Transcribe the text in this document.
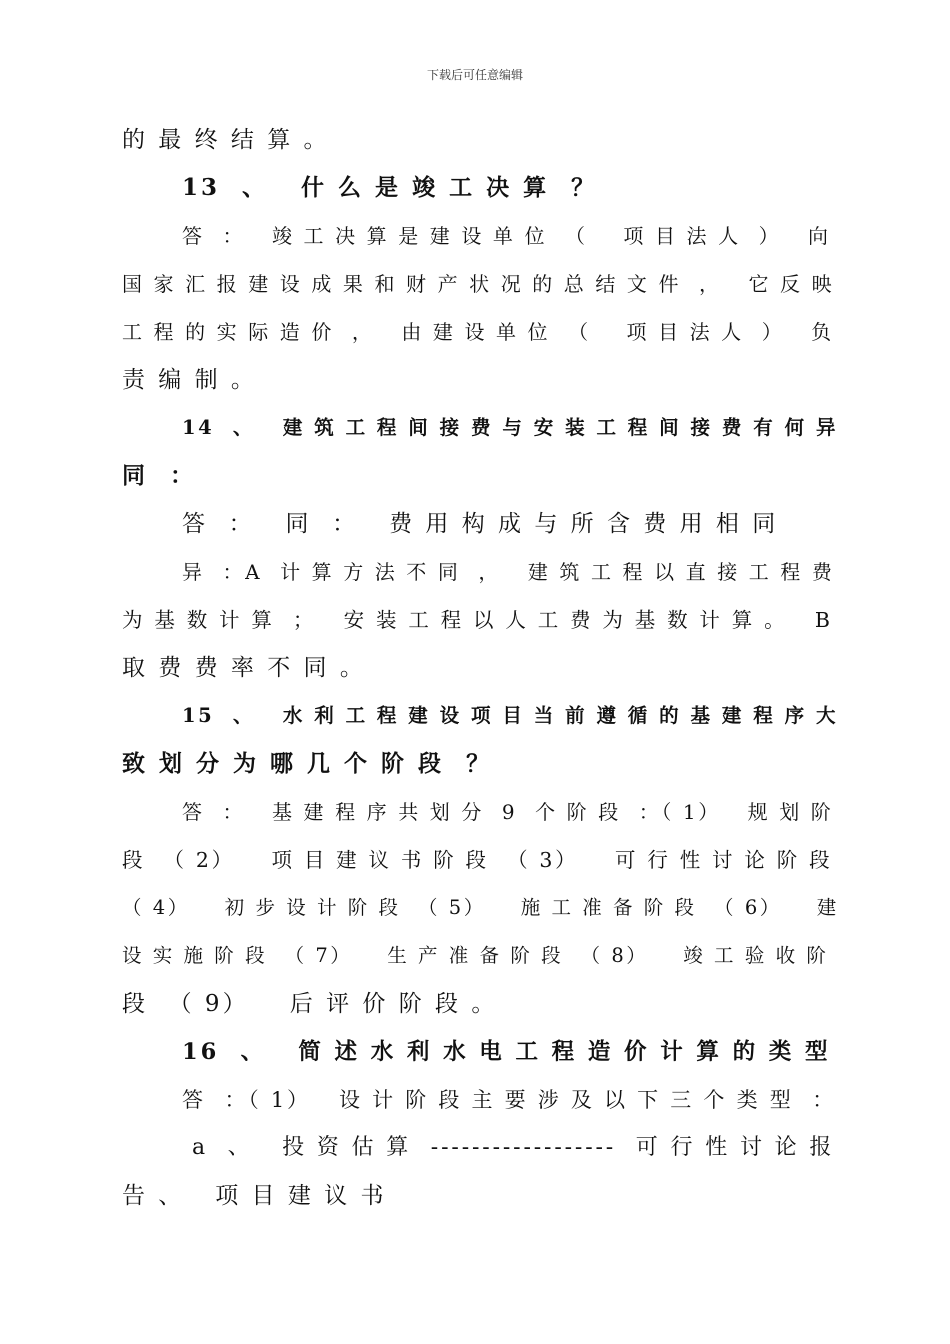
下载后可任意编辑
的 最 终 结 算 。
13  、   什 么 是 竣 工 决 算  ？
答  ：   竣 工 决 算 是 建 设 单 位  （    项 目 法 人  ）   向
国 家 汇 报 建 设 成 果 和 财 产 状 况 的 总 结 文 件  ，   它 反 映
工 程 的 实 际 造 价  ，   由 建 设 单 位  （    项 目 法 人  ）   负
责 编 制 。
14  、   建 筑 工 程 间 接 费 与 安 装 工 程 间 接 费 有 何 异
同  ：
答  ：   同  ：   费 用 构 成 与 所 含 费 用 相 同
异  ：A  计 算 方 法 不 同  ，   建 筑 工 程 以 直 接 工 程 费
为 基 数 计 算  ；   安 装 工 程 以 人 工 费 为 基 数 计 算 。   B
取 费 费 率 不 同 。
15  、   水 利 工 程 建 设 项 目 当 前 遵 循 的 基 建 程 序 大
致 划 分 为 哪 几 个 阶 段  ？
答  ：   基 建 程 序 共 划 分  9  个 阶 段  ：（ 1）   规 划 阶
段  （ 2）    项 目 建 议 书 阶 段  （ 3）    可 行 性 讨 论 阶 段
（ 4）    初 步 设 计 阶 段  （ 5）    施 工 准 备 阶 段  （ 6）    建
设 实 施 阶 段  （ 7）    生 产 准 备 阶 段  （ 8）    竣 工 验 收 阶
段  （ 9）    后 评 价 阶 段 。
16  、   简 述 水 利 水 电 工 程 造 价 计 算 的 类 型
答  ：（ 1）   设 计 阶 段 主 要 涉 及 以 下 三 个 类 型  ：
a  、   投 资 估 算  ------------------  可 行 性 讨 论 报
告 、   项 目 建 议 书
